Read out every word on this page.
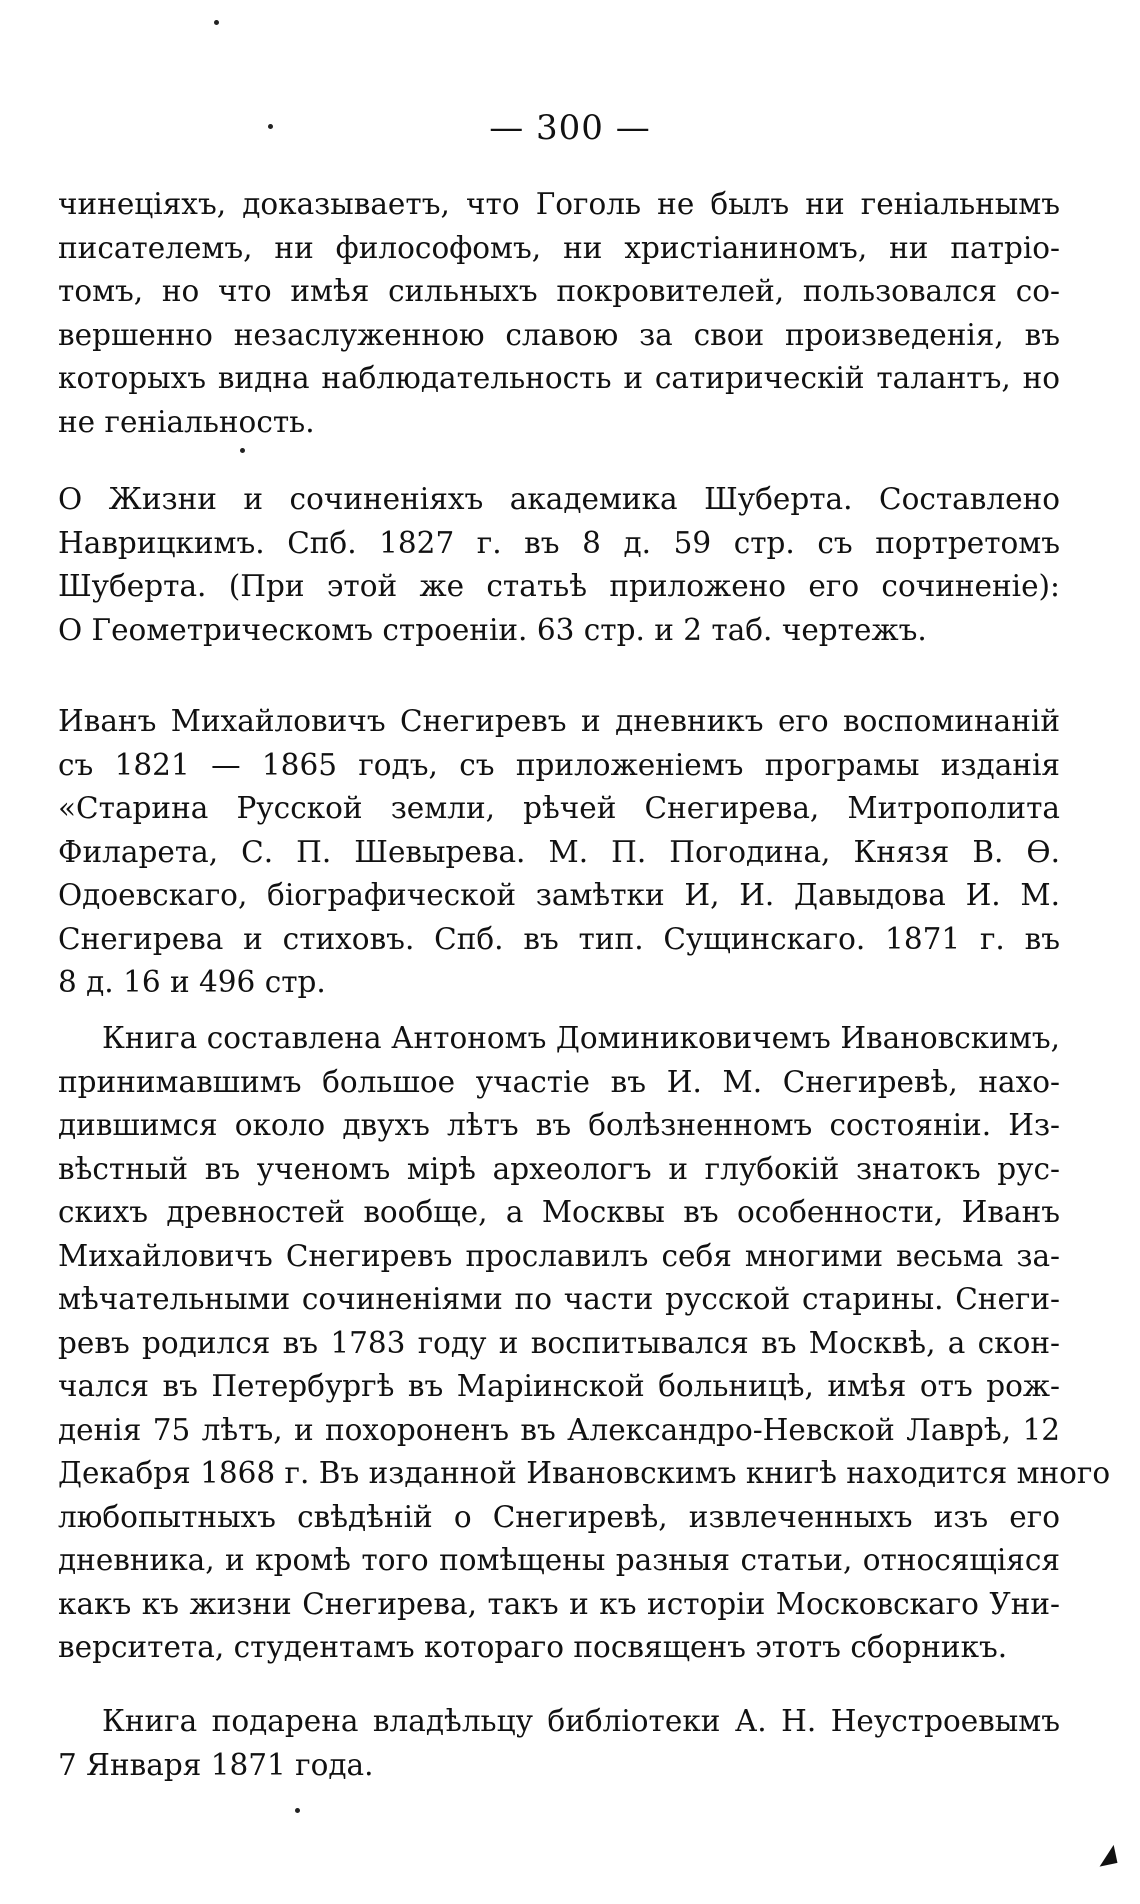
— 300 —
чинеціяхъ, доказываетъ, что Гоголь не былъ ни геніальнымъ
писателемъ, ни философомъ, ни христіаниномъ, ни патріо-
томъ, но что имѣя сильныхъ покровителей, пользовался со-
вершенно незаслуженною славою за свои произведенія, въ
которыхъ видна наблюдательность и сатирическій талантъ, но
не геніальность.
О Жизни и сочиненіяхъ академика Шуберта. Составлено
Наврицкимъ. Спб. 1827 г. въ 8 д. 59 стр. съ портретомъ
Шуберта. (При этой же статьѣ приложено его сочиненіе):
О Геометрическомъ строеніи. 63 стр. и 2 таб. чертежъ.
Иванъ Михайловичъ Снегиревъ и дневникъ его воспоминаній
съ 1821 — 1865 годъ, съ приложеніемъ програмы изданія
«Старина Русской земли, рѣчей Снегирева, Митрополита
Филарета, С. П. Шевырева. М. П. Погодина, Князя В. Ѳ.
Одоевскаго, біографической замѣтки И, И. Давыдова И. М.
Снегирева и стиховъ. Спб. въ тип. Сущинскаго. 1871 г. въ
8 д. 16 и 496 стр.
Книга составлена Антономъ Доминиковичемъ Ивановскимъ,
принимавшимъ большое участіе въ И. М. Снегиревѣ, нахо-
дившимся около двухъ лѣтъ въ болѣзненномъ состояніи. Из-
вѣстный въ ученомъ мірѣ археологъ и глубокій знатокъ рус-
скихъ древностей вообще, а Москвы въ особенности, Иванъ
Михайловичъ Снегиревъ прославилъ себя многими весьма за-
мѣчательными сочиненіями по части русской старины. Снеги-
ревъ родился въ 1783 году и воспитывался въ Москвѣ, а скон-
чался въ Петербургѣ въ Маріинской больницѣ, имѣя отъ рож-
денія 75 лѣтъ, и похороненъ въ Александро-Невской Лаврѣ, 12
Декабря 1868 г. Въ изданной Ивановскимъ книгѣ находится много
любопытныхъ свѣдѣній о Снегиревѣ, извлеченныхъ изъ его
дневника, и кромѣ того помѣщены разныя статьи, относящіяся
какъ къ жизни Снегирева, такъ и къ исторіи Московскаго Уни-
верситета, студентамъ котораго посвященъ этотъ сборникъ.
Книга подарена владѣльцу библіотеки А. Н. Неустроевымъ
7 Января 1871 года.
◢
